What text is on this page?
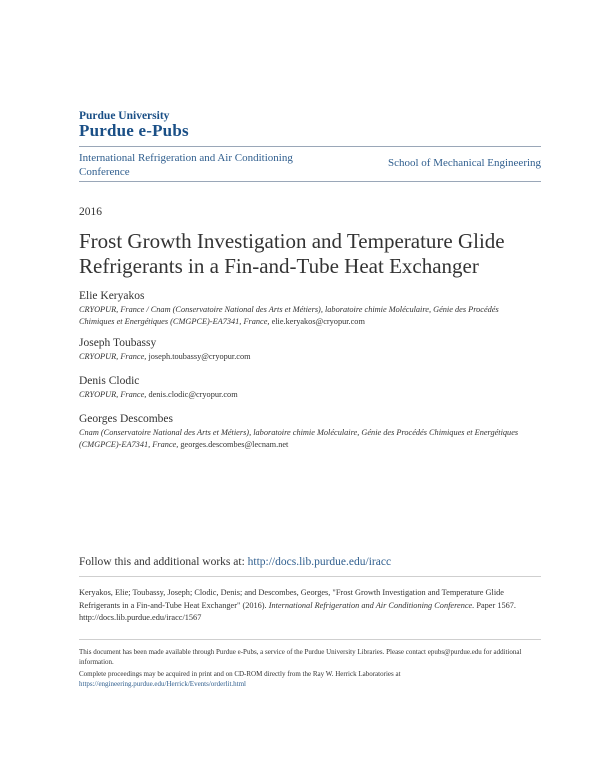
Purdue University
Purdue e-Pubs
International Refrigeration and Air Conditioning Conference
School of Mechanical Engineering
2016
Frost Growth Investigation and Temperature Glide Refrigerants in a Fin-and-Tube Heat Exchanger
Elie Keryakos
CRYOPUR, France / Cnam (Conservatoire National des Arts et Métiers), laboratoire chimie Moléculaire, Génie des Procédés Chimiques et Energétiques (CMGPCE)-EA7341, France, elie.keryakos@cryopur.com
Joseph Toubassy
CRYOPUR, France, joseph.toubassy@cryopur.com
Denis Clodic
CRYOPUR, France, denis.clodic@cryopur.com
Georges Descombes
Cnam (Conservatoire National des Arts et Métiers), laboratoire chimie Moléculaire, Génie des Procédés Chimiques et Energétiques (CMGPCE)-EA7341, France, georges.descombes@lecnam.net
Follow this and additional works at: http://docs.lib.purdue.edu/iracc
Keryakos, Elie; Toubassy, Joseph; Clodic, Denis; and Descombes, Georges, "Frost Growth Investigation and Temperature Glide Refrigerants in a Fin-and-Tube Heat Exchanger" (2016). International Refrigeration and Air Conditioning Conference. Paper 1567.
http://docs.lib.purdue.edu/iracc/1567

This document has been made available through Purdue e-Pubs, a service of the Purdue University Libraries. Please contact epubs@purdue.edu for additional information.

Complete proceedings may be acquired in print and on CD-ROM directly from the Ray W. Herrick Laboratories at https://engineering.purdue.edu/Herrick/Events/orderlit.html
